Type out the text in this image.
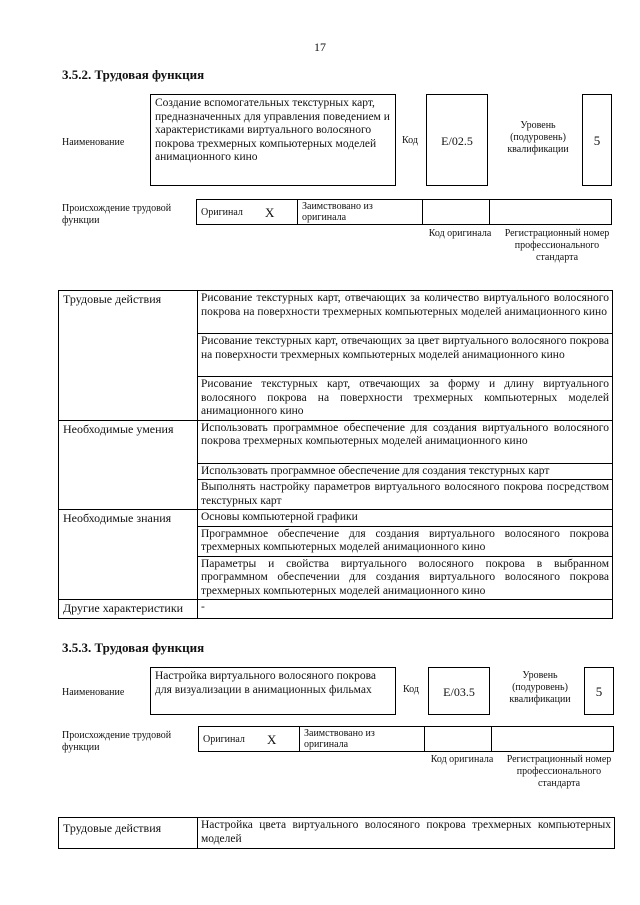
17
3.5.2. Трудовая функция
Наименование
Создание вспомогательных текстурных карт, предназначенных для управления поведением и характеристиками виртуального волосяного покрова трехмерных компьютерных моделей анимационного кино
Код	E/02.5
Уровень (подуровень) квалификации
5
Происхождение трудовой функции
Оригинал	X	Заимствовано из оригинала		
Код оригинала	Регистрационный номер профессионального стандарта
Трудовые действия	Рисование текстурных карт, отвечающих за количество виртуального волосяного покрова на поверхности трехмерных компьютерных моделей анимационного кино
	Рисование текстурных карт, отвечающих за цвет виртуального волосяного покрова на поверхности трехмерных компьютерных моделей анимационного кино
	Рисование текстурных карт, отвечающих за форму и длину виртуального волосяного покрова на поверхности трехмерных компьютерных моделей анимационного кино
Необходимые умения	Использовать программное обеспечение для создания виртуального волосяного покрова трехмерных компьютерных моделей анимационного кино
	Использовать программное обеспечение для создания текстурных карт
	Выполнять настройку параметров виртуального волосяного покрова посредством текстурных карт
Необходимые знания	Основы компьютерной графики
	Программное обеспечение для создания виртуального волосяного покрова трехмерных компьютерных моделей анимационного кино
	Параметры и свойства виртуального волосяного покрова в выбранном программном обеспечении для создания виртуального волосяного покрова трехмерных компьютерных моделей анимационного кино
Другие характеристики	-
3.5.3. Трудовая функция
Наименование
Настройка виртуального волосяного покрова для визуализации в анимационных фильмах	Код	E/03.5
Уровень (подуровень) квалификации
5
Происхождение трудовой функции
Оригинал	X	Заимствовано из оригинала		
Код оригинала	Регистрационный номер профессионального стандарта
Трудовые действия	Настройка цвета виртуального волосяного покрова трехмерных компьютерных моделей
